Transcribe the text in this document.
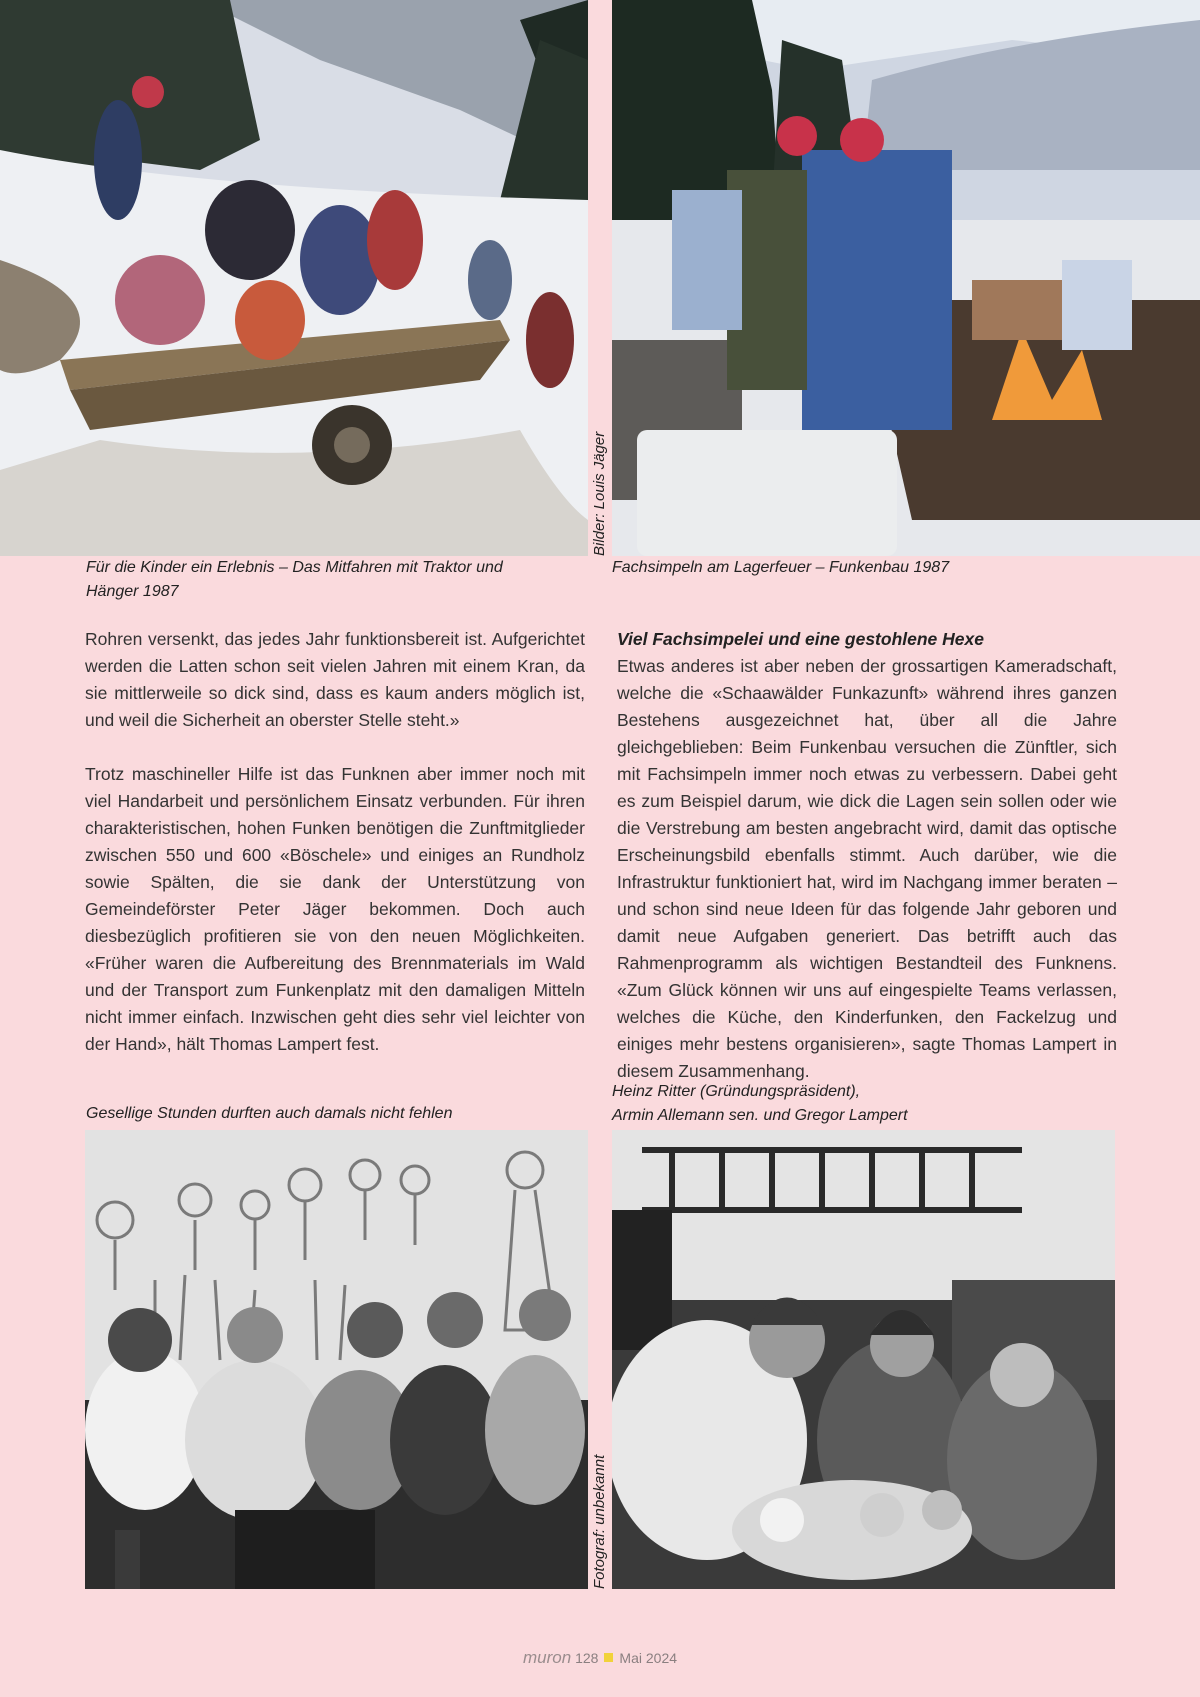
Bilder: Louis Jäger
Für die Kinder ein Erlebnis – Das Mitfahren mit Traktor und Hänger 1987
Fachsimpeln am Lagerfeuer – Funkenbau 1987

Rohren versenkt, das jedes Jahr funktionsbereit ist. Aufgerichtet werden die Latten schon seit vielen Jahren mit einem Kran, da sie mittlerweile so dick sind, dass es kaum anders möglich ist, und weil die Sicherheit an oberster Stelle steht.»

Trotz maschineller Hilfe ist das Funknen aber immer noch mit viel Handarbeit und persönlichem Einsatz verbunden. Für ihren charakteristischen, hohen Funken benötigen die Zunftmitglieder zwischen 550 und 600 «Böschele» und einiges an Rundholz sowie Spälten, die sie dank der Unterstützung von Gemeindeförster Peter Jäger bekommen. Doch auch diesbezüglich profitieren sie von den neuen Möglichkeiten. «Früher waren die Aufbereitung des Brennmaterials im Wald und der Transport zum Funkenplatz mit den damaligen Mitteln nicht immer einfach. Inzwischen geht dies sehr viel leichter von der Hand», hält Thomas Lampert fest.

Viel Fachsimpelei und eine gestohlene Hexe

Etwas anderes ist aber neben der grossartigen Kameradschaft, welche die «Schaawälder Funkazunft» während ihres ganzen Bestehens ausgezeichnet hat, über all die Jahre gleichgeblieben: Beim Funkenbau versuchen die Zünftler, sich mit Fachsimpeln immer noch etwas zu verbessern. Dabei geht es zum Beispiel darum, wie dick die Lagen sein sollen oder wie die Verstrebung am besten angebracht wird, damit das optische Erscheinungsbild ebenfalls stimmt. Auch darüber, wie die Infrastruktur funktioniert hat, wird im Nachgang immer beraten – und schon sind neue Ideen für das folgende Jahr geboren und damit neue Aufgaben generiert. Das betrifft auch das Rahmenprogramm als wichtigen Bestandteil des Funknens. «Zum Glück können wir uns auf eingespielte Teams verlassen, welches die Küche, den Kinderfunken, den Fackelzug und einiges mehr bestens organisieren», sagte Thomas Lampert in diesem Zusammenhang.

Gesellige Stunden durften auch damals nicht fehlen
Heinz Ritter (Gründungspräsident),
Armin Allemann sen. und Gregor Lampert
Fotograf: unbekannt
muron 128 Mai 2024
